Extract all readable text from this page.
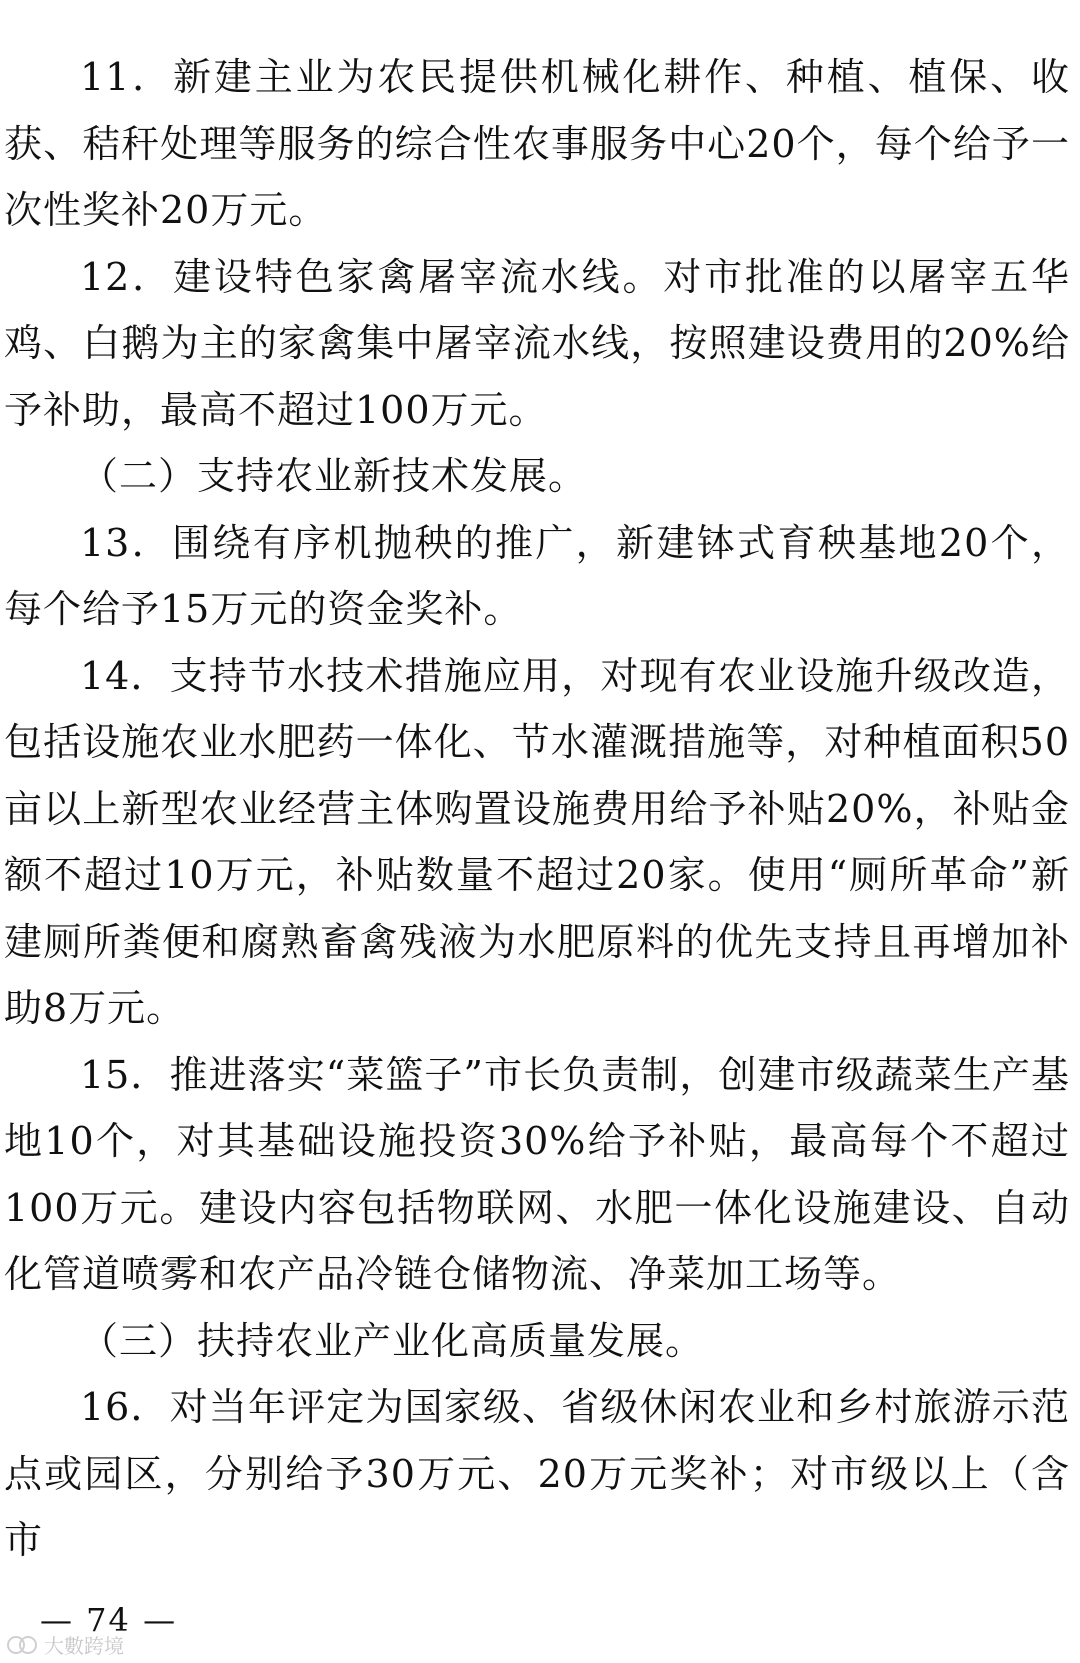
11．新建主业为农民提供机械化耕作、种植、植保、收获、秸秆处理等服务的综合性农事服务中心20个，每个给予一次性奖补20万元。

12．建设特色家禽屠宰流水线。对市批准的以屠宰五华鸡、白鹅为主的家禽集中屠宰流水线，按照建设费用的20%给予补助，最高不超过100万元。

（二）支持农业新技术发展。

13．围绕有序机抛秧的推广，新建钵式育秧基地20个，每个给予15万元的资金奖补。

14．支持节水技术措施应用，对现有农业设施升级改造，包括设施农业水肥药一体化、节水灌溉措施等，对种植面积50亩以上新型农业经营主体购置设施费用给予补贴20%，补贴金额不超过10万元，补贴数量不超过20家。使用“厕所革命”新建厕所粪便和腐熟畜禽残液为水肥原料的优先支持且再增加补助8万元。

15．推进落实“菜篮子”市长负责制，创建市级蔬菜生产基地10个，对其基础设施投资30%给予补贴，最高每个不超过100万元。建设内容包括物联网、水肥一体化设施建设、自动化管道喷雾和农产品冷链仓储物流、净菜加工场等。

（三）扶持农业产业化高质量发展。

16．对当年评定为国家级、省级休闲农业和乡村旅游示范点或园区，分别给予30万元、20万元奖补；对市级以上（含市

— 74 —
大數跨境
